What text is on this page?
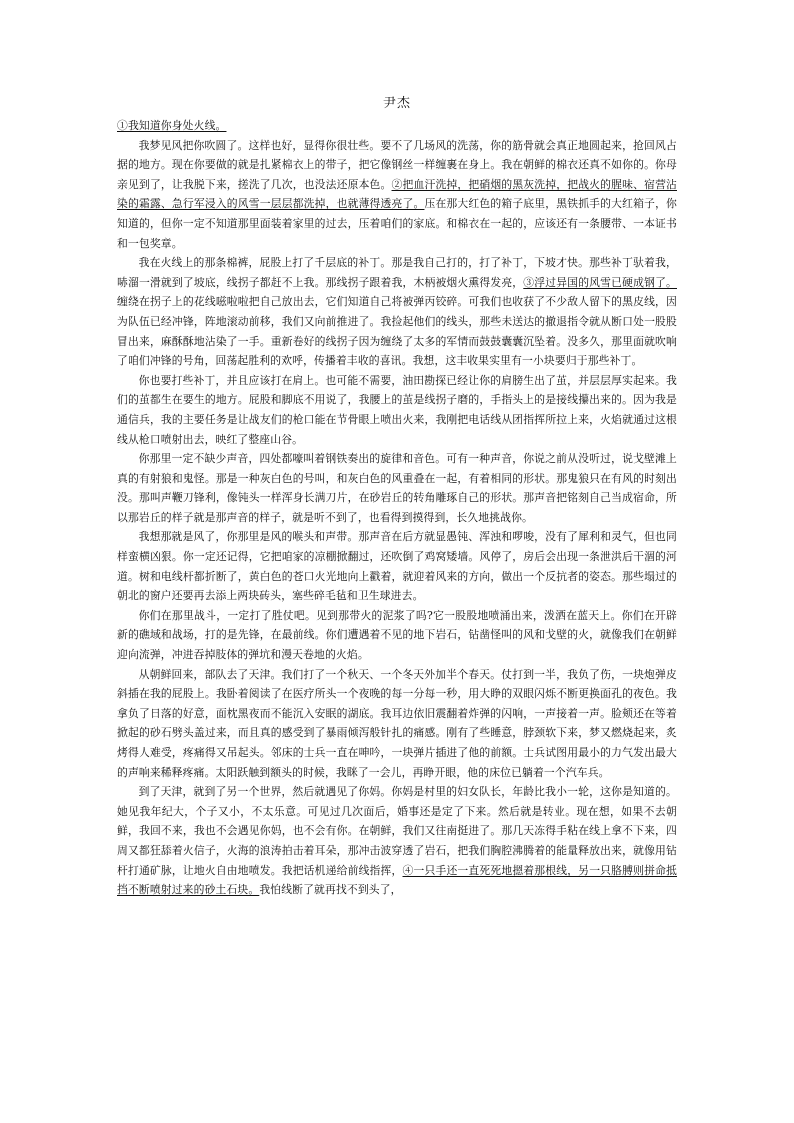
尹杰

①我知道你身处火线。

我梦见风把你吹圆了。这样也好，显得你很壮些。要不了几场风的洗荡，你的筋骨就会真正地圆起来，抢回风占据的地方。现在你要做的就是扎紧棉衣上的带子，把它像钢丝一样缠裹在身上。我在朝鲜的棉衣还真不如你的。你母亲见到了，让我脱下来，搓洗了几次，也没法还原本色。②把血汗洗掉，把硝烟的黑灰洗掉，把战火的腥味、宿营沾染的霜露、急行军浸入的风雪一层层都洗掉，也就薄得透亮了。压在那大红色的箱子底里，黑铁抓手的大红箱子，你知道的，但你一定不知道那里面装着家里的过去，压着咱们的家底。和棉衣在一起的，应该还有一条腰带、一本证书和一包奖章。

我在火线上的那条棉裤，屁股上打了千层底的补丁。那是我自己打的，打了补丁，下坡才快。那些补丁驮着我，哧溜一滑就到了坡底，线拐子都赶不上我。那线拐子跟着我，木柄被烟火熏得发亮，③浮过异国的风雪已硬成钢了。缠绕在拐子上的花线嗞啦啦把自己放出去，它们知道自己将被弹丙铰碎。可我们也收获了不少敌人留下的黑皮线，因为队伍已经冲锋，阵地滚动前移，我们又向前推进了。我捡起他们的线头，那些未送达的撤退指令就从断口处一股股冒出来，麻酥酥地沾染了一手。重新卷好的线拐子因为缠绕了太多的军情而鼓鼓囊囊沉坠着。没多久，那里面就吹响了咱们冲锋的号角，回荡起胜利的欢呼，传播着丰收的喜讯。我想，这丰收果实里有一小块要归于那些补丁。

你也要打些补丁，并且应该打在肩上。也可能不需要，油田勘探已经让你的肩膀生出了茧，并层层厚实起来。我们的茧都生在要生的地方。屁股和脚底不用说了，我腰上的茧是线拐子磨的，手指头上的是接线攥出来的。因为我是通信兵，我的主要任务是让战友们的枪口能在节骨眼上喷出火来，我刚把电话线从团指挥所拉上来，火焰就通过这根线从枪口喷射出去，映红了整座山谷。

你那里一定不缺少声音，四处都嚎叫着钢铁奏出的旋律和音色。可有一种声音，你说之前从没听过，说戈壁滩上真的有射狼和鬼怪。那是一种灰白色的号叫，和灰白色的风重叠在一起，有着相同的形状。那鬼狼只在有风的时刻出没。那叫声鞭刀锋利，像钝头一样浑身长满刀片，在砂岩丘的转角雕琢自己的形状。那声音把铭刻自己当成宿命，所以那岩丘的样子就是那声音的样子，就是听不到了，也看得到摸得到，长久地挑战你。

我想那就是风了，你那里是风的喉头和声带。那声音在后方就显愚钝、浑浊和啰唆，没有了犀利和灵气，但也同样蛮横凶狠。你一定还记得，它把咱家的凉棚掀翻过，还吹倒了鸡窝矮墙。风停了，房后会出现一条泄洪后干涸的河道。树和电线杆都折断了，黄白色的苍口火光地向上戳着，就迎着风来的方向，做出一个反抗者的姿态。那些塌过的朝北的窗户还要再去添上两块砖头，塞些碎毛毡和卫生球进去。

你们在那里战斗，一定打了胜仗吧。见到那带火的泥浆了吗?它一股股地喷涌出来，泼洒在蓝天上。你们在开辟新的礁域和战场，打的是先锋，在最前线。你们遭遇着不见的地下岩石，钻凿怪叫的风和戈壁的火，就像我们在朝鲜迎向流弹，冲进吞掉肢体的弹坑和漫天卷地的火焰。

从朝鲜回来，部队去了天津。我们打了一个秋天、一个冬天外加半个春天。仗打到一半，我负了伤，一块炮弹皮斜插在我的屁股上。我卧着阅读了在医疗所头一个夜晚的每一分每一秒，用大睁的双眼闪烁不断更换面孔的夜色。我拿负了日落的好意，面枕黑夜而不能沉入安眠的湖底。我耳边依旧震翻着炸弹的闪响，一声接着一声。脸颊还在等着掀起的砂石劈头盖过来，而且真的感受到了暴雨倾泻般针扎的痛感。刚有了些睡意，脖颈软下来，梦又燃烧起来，炙烤得人难受，疼痛得又吊起头。邻床的士兵一直在呻吟，一块弹片插进了他的前额。士兵试图用最小的力气发出最大的声响来稀释疼痛。太阳跃触到额头的时候，我眯了一会儿，再睁开眼，他的床位已躺着一个汽车兵。

到了天津，就到了另一个世界，然后就遇见了你妈。你妈是村里的妇女队长，年龄比我小一轮，这你是知道的。她见我年纪大，个子又小，不太乐意。可见过几次面后，婚事还是定了下来。然后就是转业。现在想，如果不去朝鲜，我回不来，我也不会遇见你妈，也不会有你。在朝鲜，我们又往南挺进了。那几天冻得手粘在线上拿不下来，四周又都狂舔着火信子，火海的浪涛拍击着耳朵，那冲击波穿透了岩石，把我们胸腔沸腾着的能量释放出来，就像用钻杆打通矿脉，让地火自由地喷发。我把话机递给前线指挥，④一只手还一直死死地摁着那根线，另一只胳膊则拼命抵挡不断喷射过来的砂土石块。我怕线断了就再找不到头了，
